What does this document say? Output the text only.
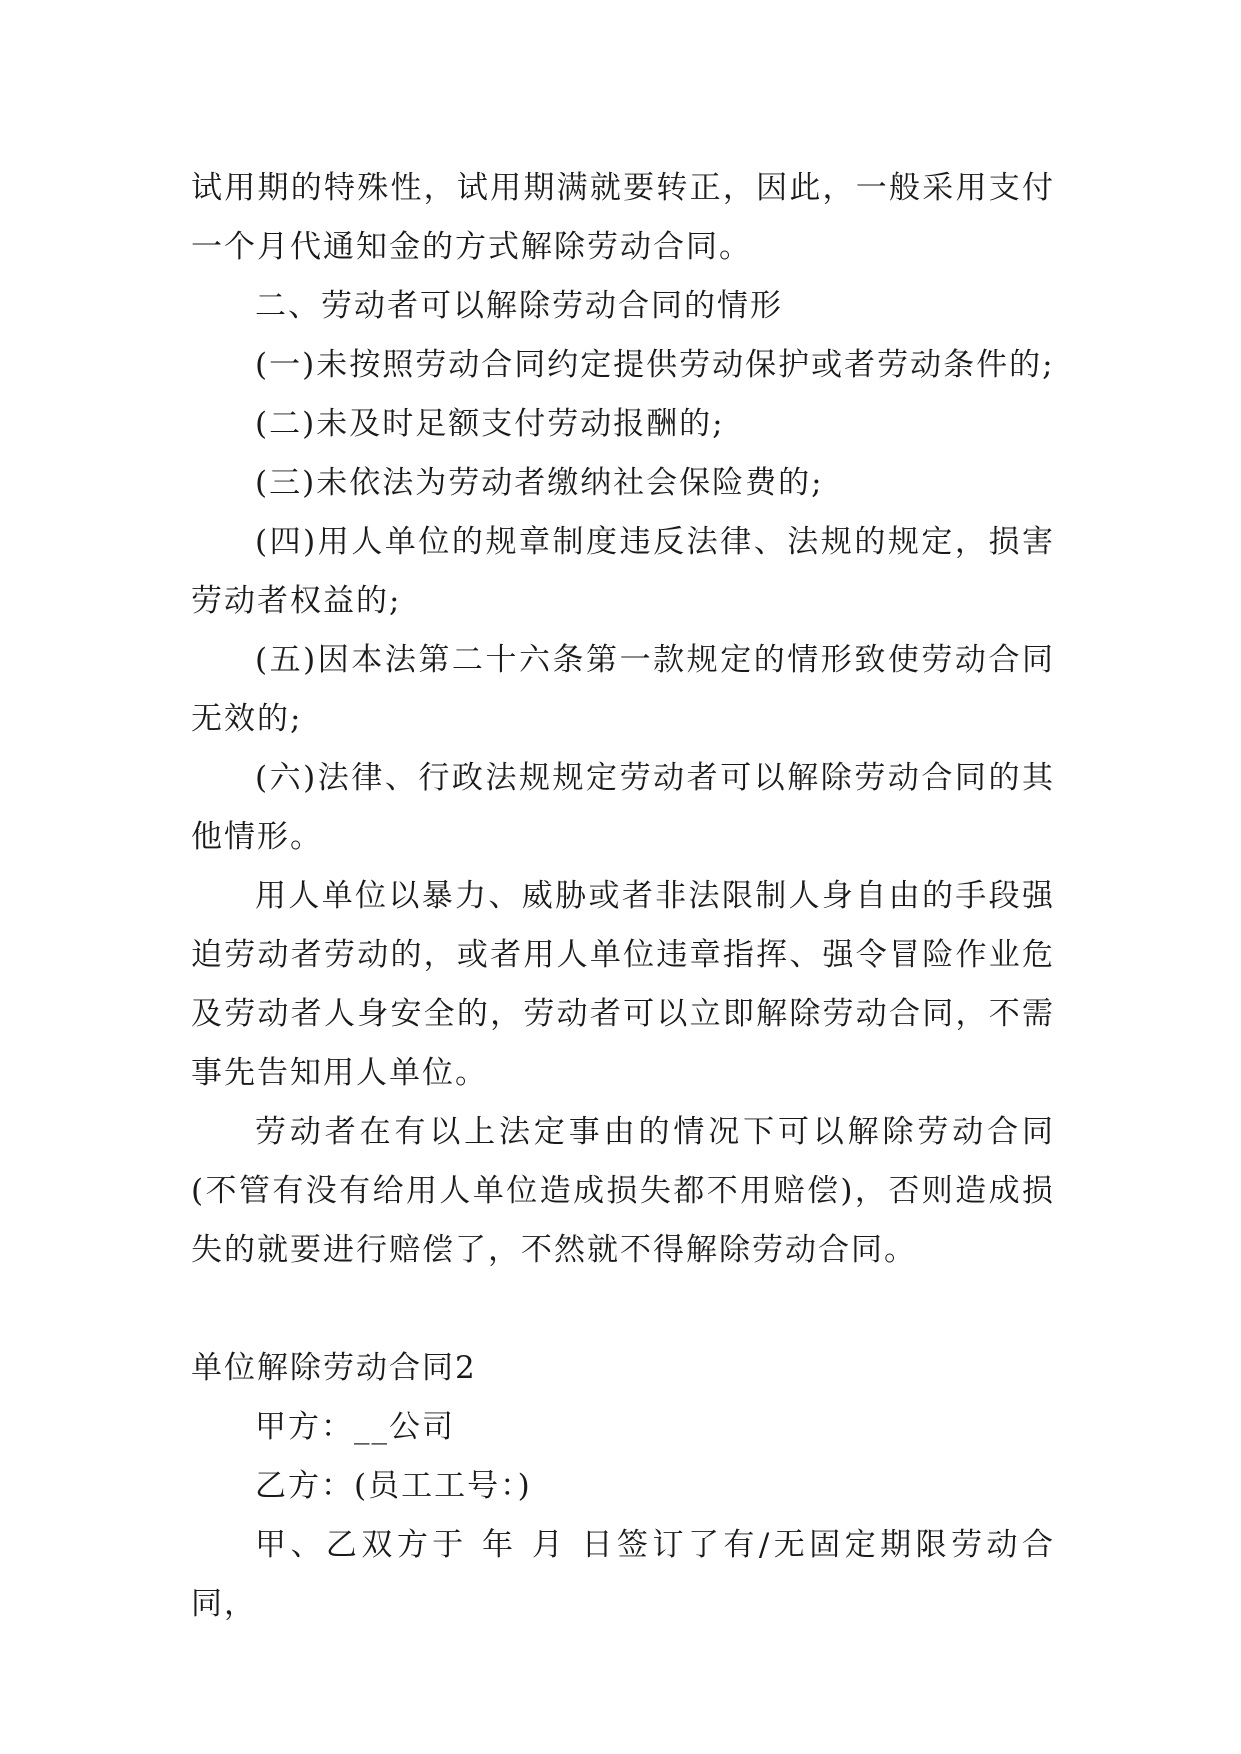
试用期的特殊性，试用期满就要转正，因此，一般采用支付一个月代通知金的方式解除劳动合同。

二、劳动者可以解除劳动合同的情形

(一)未按照劳动合同约定提供劳动保护或者劳动条件的;

(二)未及时足额支付劳动报酬的;

(三)未依法为劳动者缴纳社会保险费的;

(四)用人单位的规章制度违反法律、法规的规定，损害劳动者权益的;

(五)因本法第二十六条第一款规定的情形致使劳动合同无效的;

(六)法律、行政法规规定劳动者可以解除劳动合同的其他情形。

用人单位以暴力、威胁或者非法限制人身自由的手段强迫劳动者劳动的，或者用人单位违章指挥、强令冒险作业危及劳动者人身安全的，劳动者可以立即解除劳动合同，不需事先告知用人单位。

劳动者在有以上法定事由的情况下可以解除劳动合同(不管有没有给用人单位造成损失都不用赔偿)，否则造成损失的就要进行赔偿了，不然就不得解除劳动合同。

单位解除劳动合同2

甲方：__公司

乙方：(员工工号：)

甲、乙双方于 年 月 日签订了有/无固定期限劳动合同，
